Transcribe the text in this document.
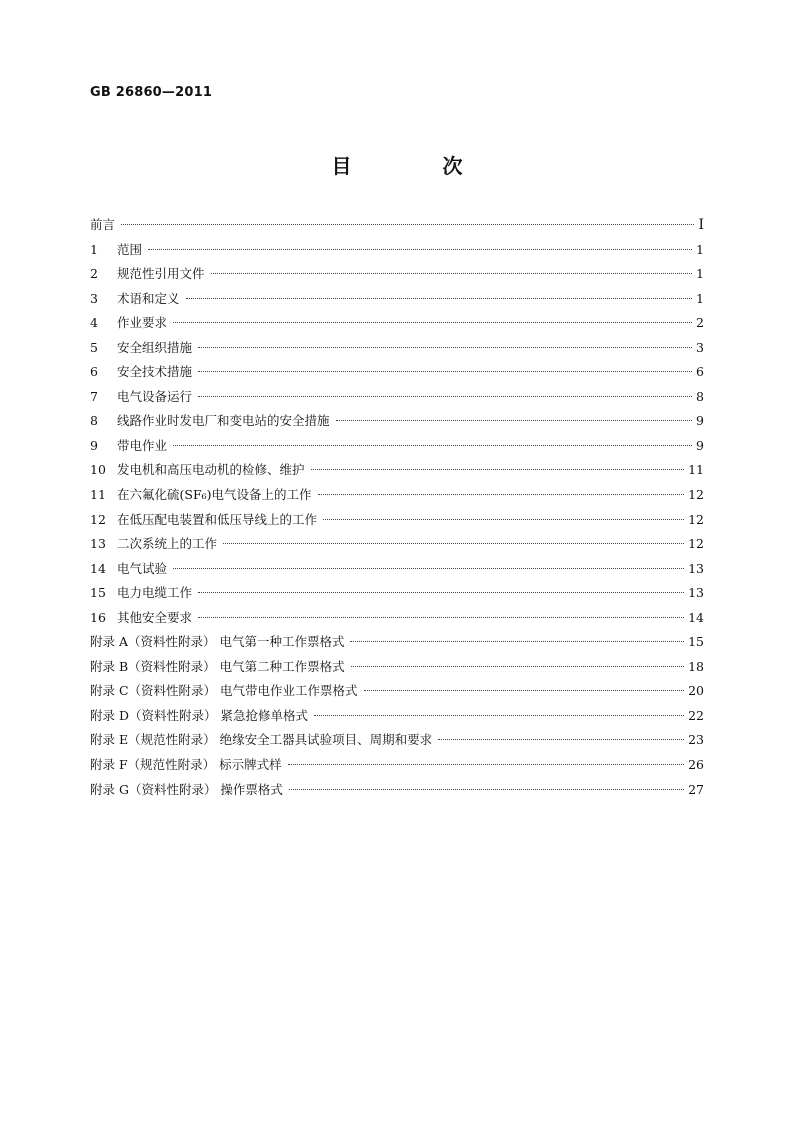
GB 26860—2011
目 次
前言	Ⅰ
1	范围	1
2	规范性引用文件	1
3	术语和定义	1
4	作业要求	2
5	安全组织措施	3
6	安全技术措施	6
7	电气设备运行	8
8	线路作业时发电厂和变电站的安全措施	9
9	带电作业	9
10 发电机和高压电动机的检修、维护	11
11 在六氟化硫(SF₆)电气设备上的工作	12
12 在低压配电装置和低压导线上的工作	12
13 二次系统上的工作	12
14 电气试验	13
15 电力电缆工作	13
16 其他安全要求	14
附录 A（资料性附录） 电气第一种工作票格式	15
附录 B（资料性附录） 电气第二种工作票格式	18
附录 C（资料性附录） 电气带电作业工作票格式	20
附录 D（资料性附录） 紧急抢修单格式	22
附录 E（规范性附录） 绝缘安全工器具试验项目、周期和要求	23
附录 F（规范性附录） 标示牌式样	26
附录 G（资料性附录） 操作票格式	27
